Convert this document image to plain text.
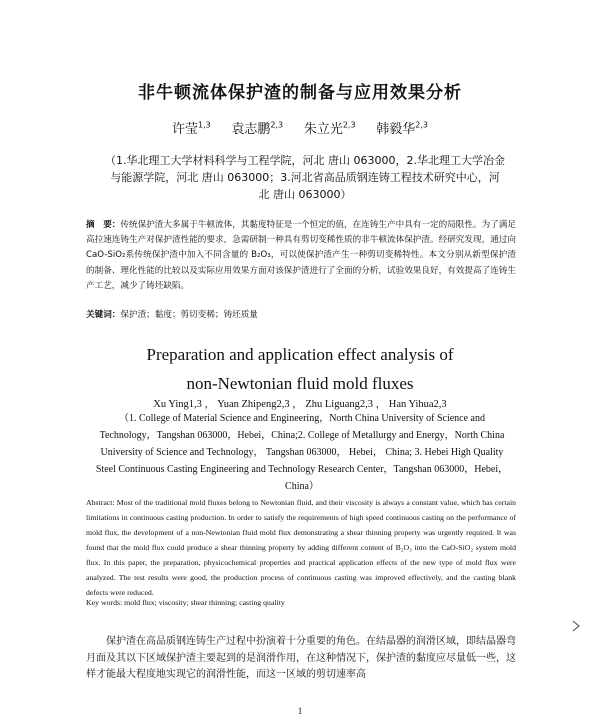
非牛顿流体保护渣的制备与应用效果分析
许莹$^{1,3}$ 袁志鹏$^{2,3}$ 朱立光$^{2,3}$ 韩毅华$^{2,3}$
（1.华北理工大学材料科学与工程学院，河北 唐山 063000，2.华北理工大学冶金与能源学院，河北 唐山 063000；3.河北省高品质钢连铸工程技术研究中心，河北 唐山 063000）
摘　要：传统保护渣大多属于牛顿流体，其黏度特征是一个恒定的值，在连铸生产中具有一定的局限性。为了满足高拉速连铸生产对保护渣性能的要求，急需研制一种具有剪切变稀性质的非牛顿流体保护渣。经研究发现，通过向 CaO-SiO₂系传统保护渣中加入不同含量的 B₂O₃，可以使保护渣产生一种剪切变稀特性。本文分别从新型保护渣的制备、理化性能的比较以及实际应用效果方面对该保护渣进行了全面的分析，试验效果良好，有效提高了连铸生产工艺，减少了铸坯缺陷。
关键词：保护渣；黏度；剪切变稀；铸坯质量
Preparation and application effect analysis of
non-Newtonian fluid mold fluxes
Xu Ying1,3 ， Yuan Zhipeng2,3 ， Zhu Liguang2,3 ， Han Yihua2,3
（1. College of Material Science and Engineering，North China University of Science and Technology，Tangshan 063000，Hebei，China;2. College of Metallurgy and Energy，North China University of Science and Technology， Tangshan 063000， Hebei， China; 3. Hebei High Quality Steel Continuous Casting Engineering and Technology Research Center，Tangshan 063000，Hebei，China）
Abstract: Most of the traditional mold fluxes belong to Newtonian fluid, and their viscosity is always a constant value, which has certain limitations in continuous casting production. In order to satisfy the requirements of high speed continuous casting on the performance of mold flux, the development of a non-Newtonian fluid mold flux demonstrating a shear thinning property was urgently required. It was found that the mold flux could produce a shear thinning property by adding different content of B₂O₃ into the CaO-SiO₂ system mold flux. In this paper, the preparation, physicochemical properties and practical application effects of the new type of mold flux were analyzed. The test results were good, the production process of continuous casting was improved effectively, and the casting blank defects were reduced.
Key words: mold flux; viscosity; shear thinning; casting quality
保护渣在高品质钢连铸生产过程中扮演着十分重要的角色。在结晶器的润滑区域，即结晶器弯月面及其以下区域保护渣主要起到的是润滑作用，在这种情况下，保护渣的黏度应尽量低一些，这样才能最大程度地实现它的润滑性能，而这一区域的剪切速率高
1
